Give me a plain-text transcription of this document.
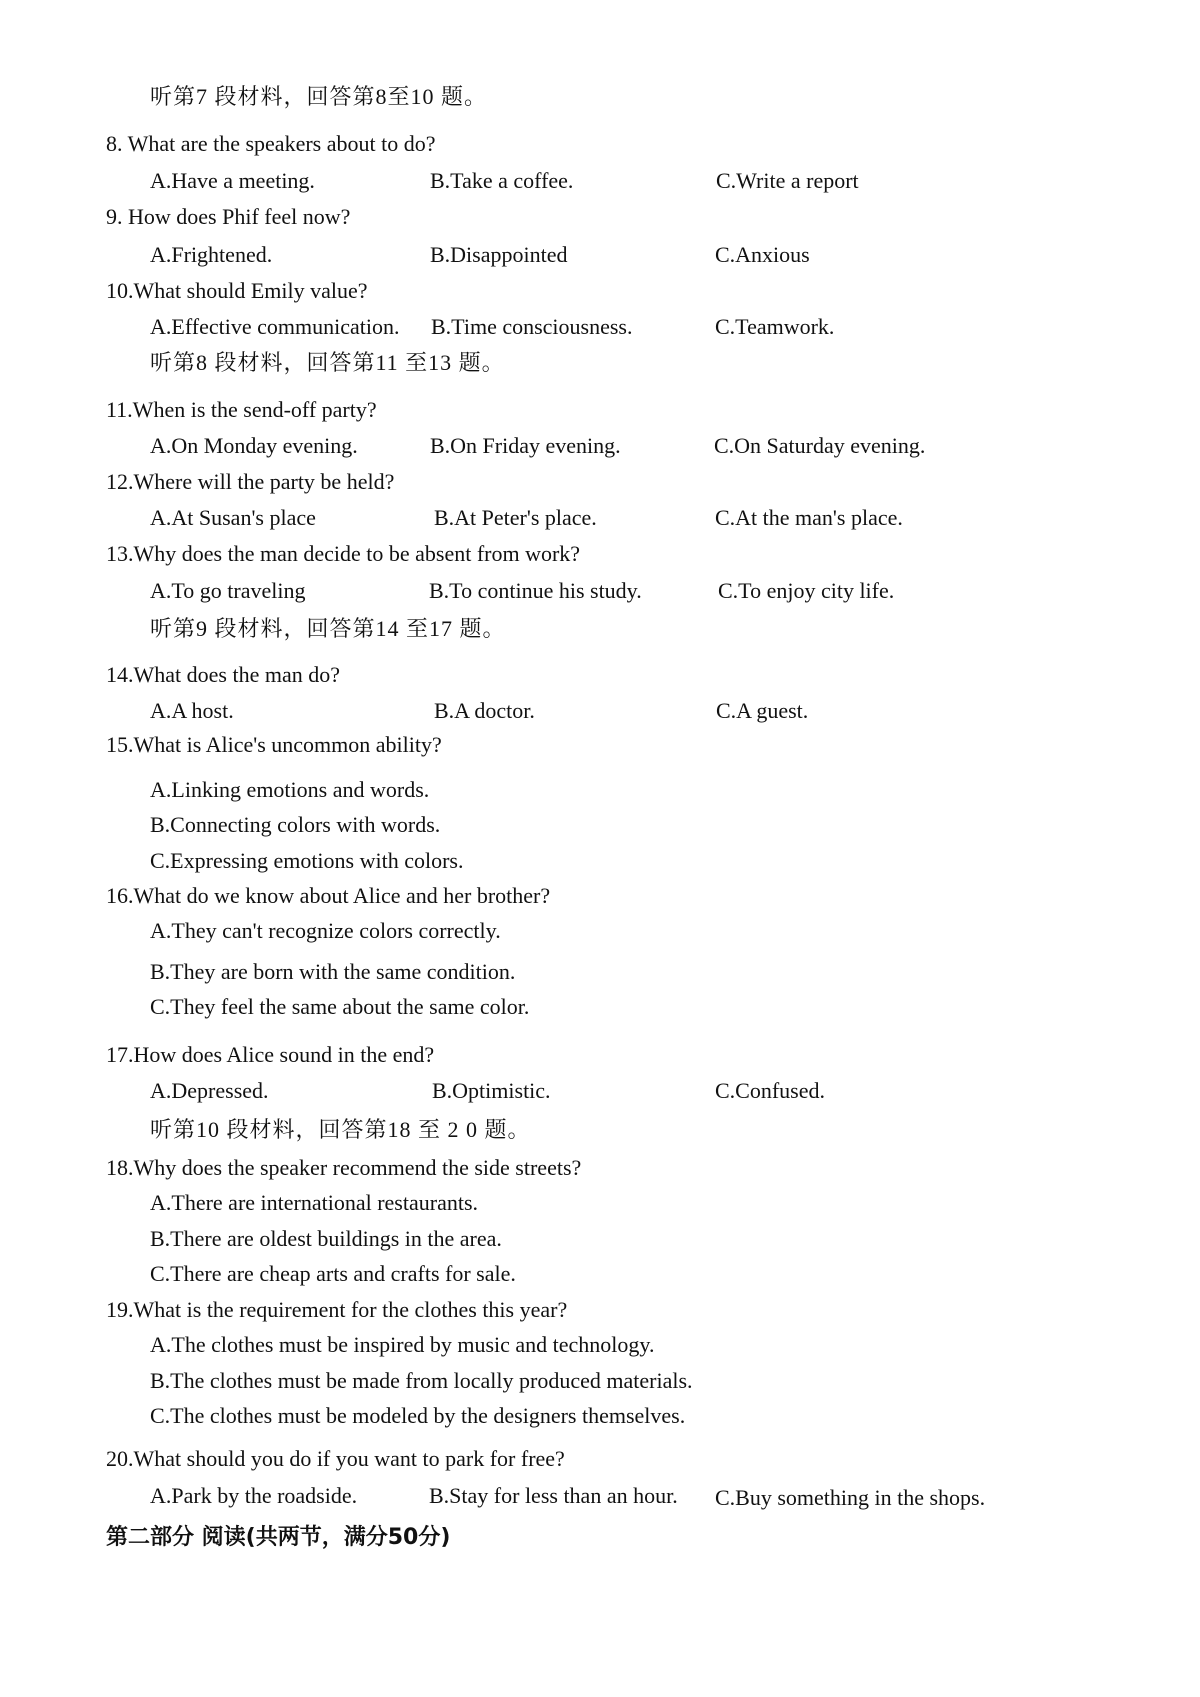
听第7 段材料，回答第8至10 题。
8. What are the speakers about to do?
A.Have a meeting.	B.Take a coffee.	C.Write a report
9. How does Phif feel now?
A.Frightened.	B.Disappointed	C.Anxious
10.What should Emily value?
A.Effective communication. B.Time consciousness.	C.Teamwork.
听第8 段材料，回答第11 至13 题。
11.When is the send-off party?
A.On Monday evening.	B.On Friday evening.	C.On Saturday evening.
12.Where will the party be held?
A.At Susan's place	B.At Peter's place.	C.At the man's place.
13.Why does the man decide to be absent from work?
A.To go traveling	B.To continue his study.	C.To enjoy city life.
听第9 段材料，回答第14 至17 题。
14.What does the man do?
A.A host.	B.A doctor.	C.A guest.
15.What is Alice's uncommon ability?
A.Linking emotions and words.
B.Connecting colors with words.
C.Expressing emotions with colors.
16.What do we know about Alice and her brother?
A.They can't recognize colors correctly.
B.They are born with the same condition.
C.They feel the same about the same color.
17.How does Alice sound in the end?
A.Depressed.	B.Optimistic.	C.Confused.
听第10 段材料，回答第18 至 2 0 题。
18.Why does the speaker recommend the side streets?
A.There are international restaurants.
B.There are oldest buildings in the area.
C.There are cheap arts and crafts for sale.
19.What is the requirement for the clothes this year?
A.The clothes must be inspired by music and technology.
B.The clothes must be made from locally produced materials.
C.The clothes must be modeled by the designers themselves.
20.What should you do if you want to park for free?
A.Park by the roadside.	B.Stay for less than an hour. C.Buy something in the shops.
第二部分 阅读(共两节，满分50分)
